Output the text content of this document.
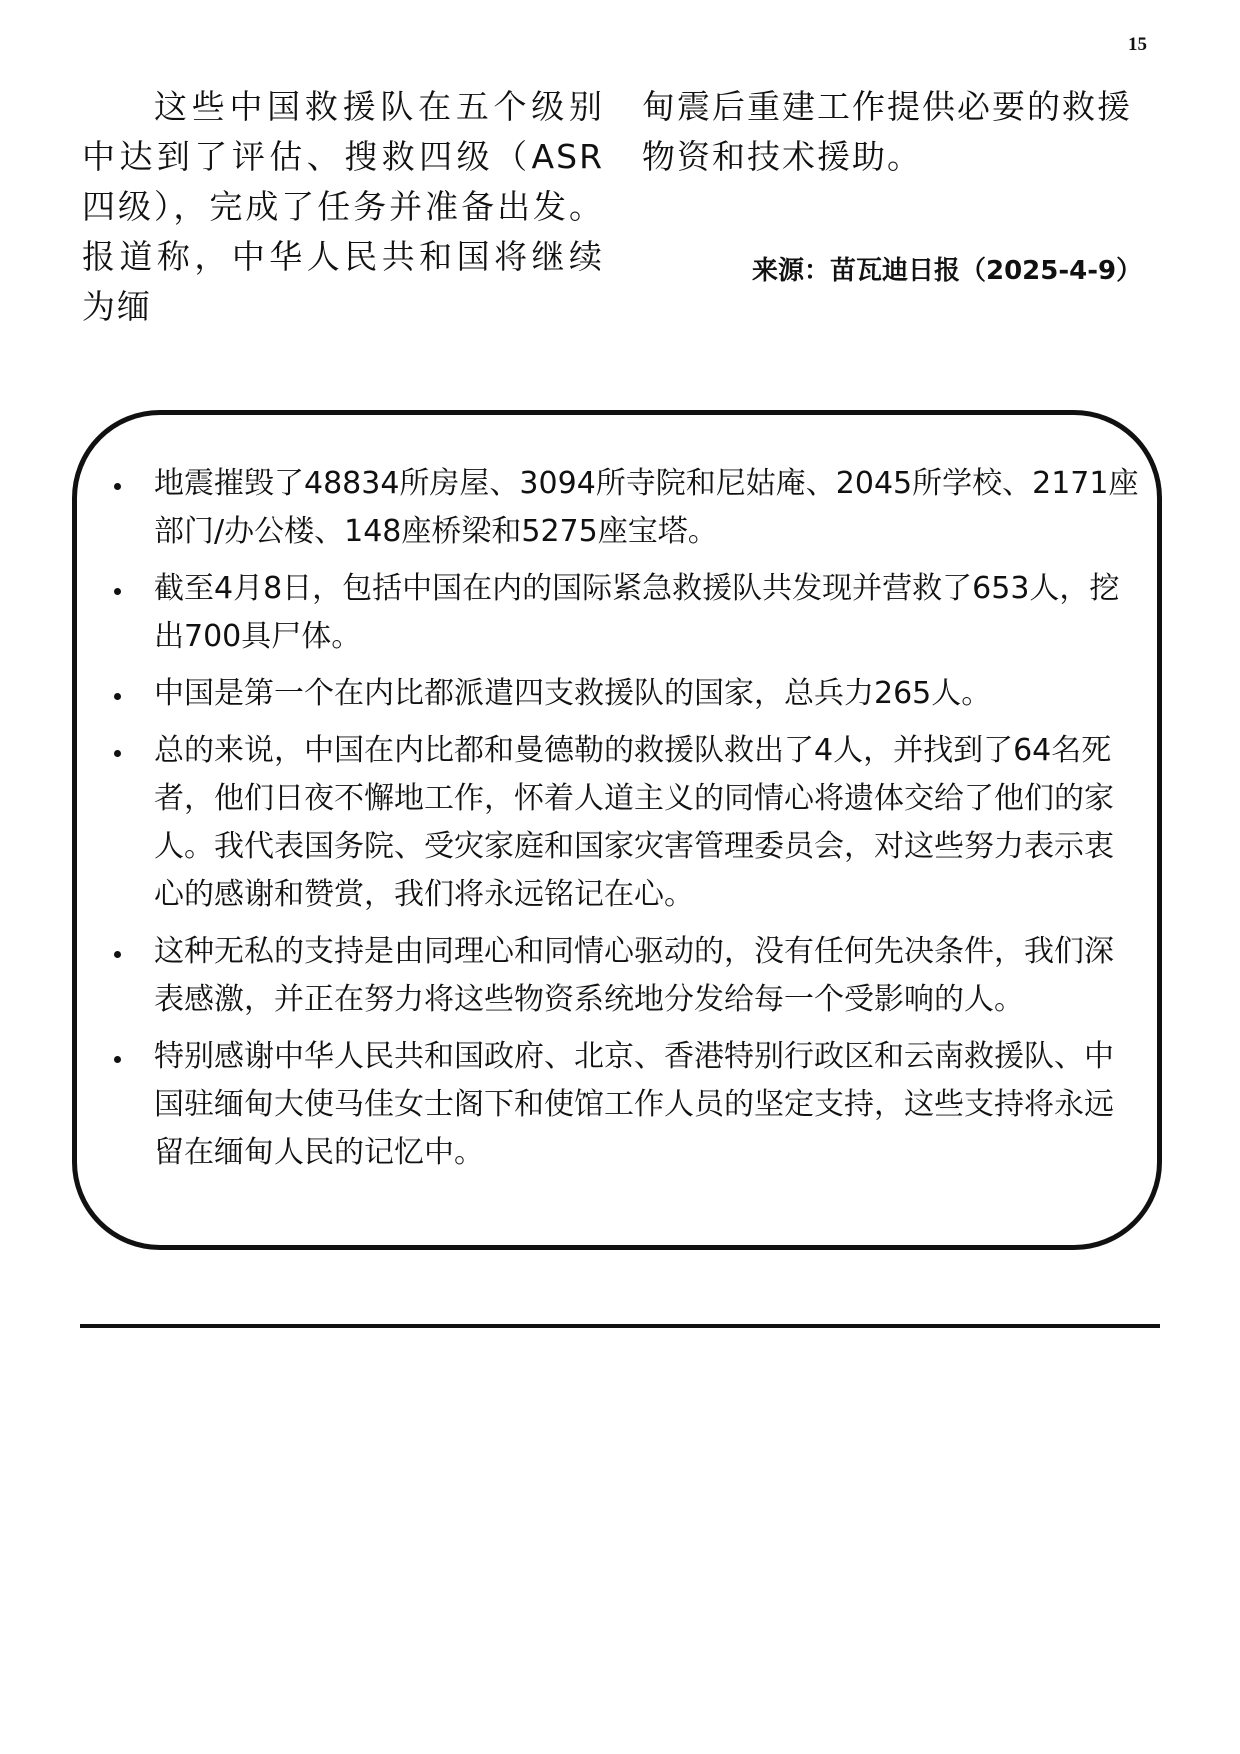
15

这些中国救援队在五个级别中达到了评估、搜救四级（ASR四级），完成了任务并准备出发。报道称，中华人民共和国将继续为缅

甸震后重建工作提供必要的救援物资和技术援助。

来源：苗瓦迪日报（2025-4-9）
地震摧毁了48834所房屋、3094所寺院和尼姑庵、2045所学校、2171座部门/办公楼、148座桥梁和5275座宝塔。
截至4月8日，包括中国在内的国际紧急救援队共发现并营救了653人，挖出700具尸体。
中国是第一个在内比都派遣四支救援队的国家，总兵力265人。
总的来说，中国在内比都和曼德勒的救援队救出了4人，并找到了64名死者，他们日夜不懈地工作，怀着人道主义的同情心将遗体交给了他们的家人。我代表国务院、受灾家庭和国家灾害管理委员会，对这些努力表示衷心的感谢和赞赏，我们将永远铭记在心。
这种无私的支持是由同理心和同情心驱动的，没有任何先决条件，我们深表感激，并正在努力将这些物资系统地分发给每一个受影响的人。
特别感谢中华人民共和国政府、北京、香港特别行政区和云南救援队、中国驻缅甸大使马佳女士阁下和使馆工作人员的坚定支持，这些支持将永远留在缅甸人民的记忆中。
